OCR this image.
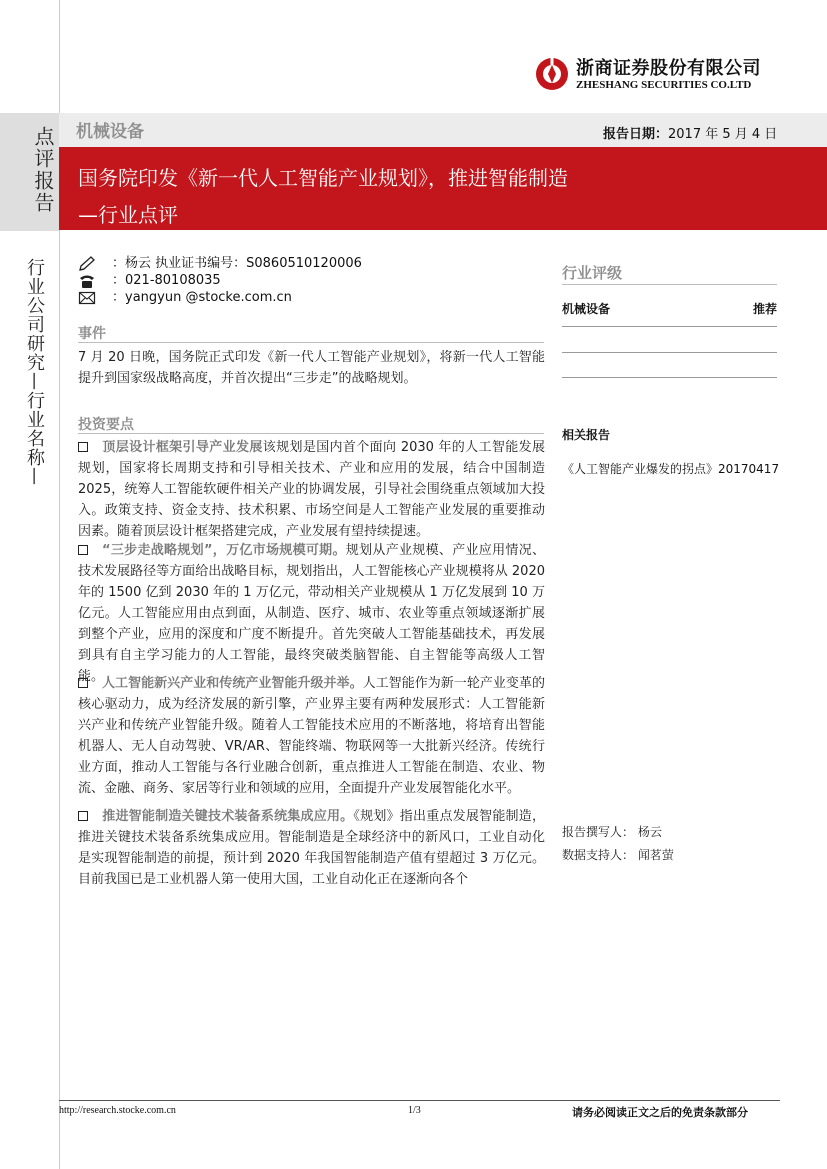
浙商证券股份有限公司
ZHESHANG SECURITIES CO.LTD
点评报告
行业公司研究—行业名称—
机械设备	报告日期：2017 年 5 月 4 日
国务院印发《新一代人工智能产业规划》，推进智能制造
—行业点评
：杨云 执业证书编号：S0860510120006
：021-80108035
：yangyun @stocke.com.cn
事件
7 月 20 日晚，国务院正式印发《新一代人工智能产业规划》，将新一代人工智能提升到国家级战略高度，并首次提出“三步走”的战略规划。
投资要点
顶层设计框架引导产业发展该规划是国内首个面向 2030 年的人工智能发展规划，国家将长周期支持和引导相关技术、产业和应用的发展，结合中国制造 2025，统筹人工智能软硬件相关产业的协调发展，引导社会围绕重点领域加大投入。政策支持、资金支持、技术积累、市场空间是人工智能产业发展的重要推动因素。随着顶层设计框架搭建完成，产业发展有望持续提速。
“三步走战略规划”，万亿市场规模可期。规划从产业规模、产业应用情况、技术发展路径等方面给出战略目标，规划指出，人工智能核心产业规模将从 2020 年的 1500 亿到 2030 年的 1 万亿元，带动相关产业规模从 1 万亿发展到 10 万亿元。人工智能应用由点到面，从制造、医疗、城市、农业等重点领域逐渐扩展到整个产业，应用的深度和广度不断提升。首先突破人工智能基础技术，再发展到具有自主学习能力的人工智能，最终突破类脑智能、自主智能等高级人工智能。
人工智能新兴产业和传统产业智能升级并举。人工智能作为新一轮产业变革的核心驱动力，成为经济发展的新引擎，产业界主要有两种发展形式：人工智能新兴产业和传统产业智能升级。随着人工智能技术应用的不断落地，将培育出智能机器人、无人自动驾驶、VR/AR、智能终端、物联网等一大批新兴经济。传统行业方面，推动人工智能与各行业融合创新，重点推进人工智能在制造、农业、物流、金融、商务、家居等行业和领域的应用，全面提升产业发展智能化水平。
推进智能制造关键技术装备系统集成应用。《规划》指出重点发展智能制造，推进关键技术装备系统集成应用。智能制造是全球经济中的新风口，工业自动化是实现智能制造的前提，预计到 2020 年我国智能制造产值有望超过 3 万亿元。目前我国已是工业机器人第一使用大国，工业自动化正在逐渐向各个
行业评级
机械设备	推荐
相关报告
《人工智能产业爆发的拐点》20170417
报告撰写人： 杨云
数据支持人： 闻茗萤
http://research.stocke.com.cn	1/3	请务必阅读正文之后的免责条款部分
